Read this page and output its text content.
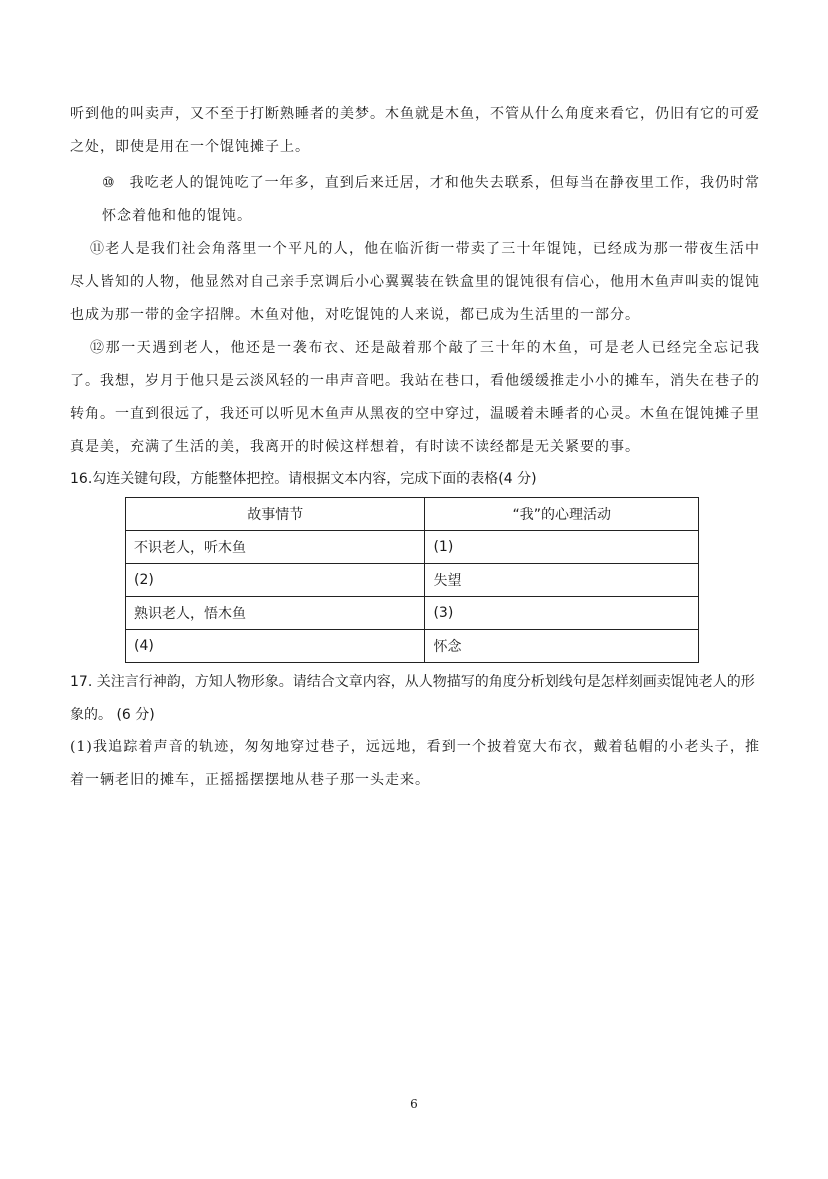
听到他的叫卖声，又不至于打断熟睡者的美梦。木鱼就是木鱼，不管从什么角度来看它，仍旧有它的可爱之处，即使是用在一个馄饨摊子上。

⑩ 我吃老人的馄饨吃了一年多，直到后来迁居，才和他失去联系，但每当在静夜里工作，我仍时常怀念着他和他的馄饨。

⑪老人是我们社会角落里一个平凡的人，他在临沂街一带卖了三十年馄饨，已经成为那一带夜生活中尽人皆知的人物，他显然对自己亲手烹调后小心翼翼装在铁盒里的馄饨很有信心，他用木鱼声叫卖的馄饨也成为那一带的金字招牌。木鱼对他，对吃馄饨的人来说，都已成为生活里的一部分。

⑫那一天遇到老人，他还是一袭布衣、还是敲着那个敲了三十年的木鱼，可是老人已经完全忘记我了。我想，岁月于他只是云淡风轻的一串声音吧。我站在巷口，看他缓缓推走小小的摊车，消失在巷子的转角。一直到很远了，我还可以听见木鱼声从黑夜的空中穿过，温暖着未睡者的心灵。木鱼在馄饨摊子里真是美，充满了生活的美，我离开的时候这样想着，有时读不读经都是无关紧要的事。

16.勾连关键句段，方能整体把控。请根据文本内容，完成下面的表格(4 分)

故事情节	“我”的心理活动
不识老人，听木鱼	(1)
(2)	失望
熟识老人，悟木鱼	(3)
(4)	怀念

17. 关注言行神韵，方知人物形象。请结合文章内容，从人物描写的角度分析划线句是怎样刻画卖馄饨老人的形象的。 (6 分)

(1)我追踪着声音的轨迹，匆匆地穿过巷子，远远地，看到一个披着宽大布衣，戴着毡帽的小老头子，推着一辆老旧的摊车，正摇摇摆摆地从巷子那一头走来。

6
